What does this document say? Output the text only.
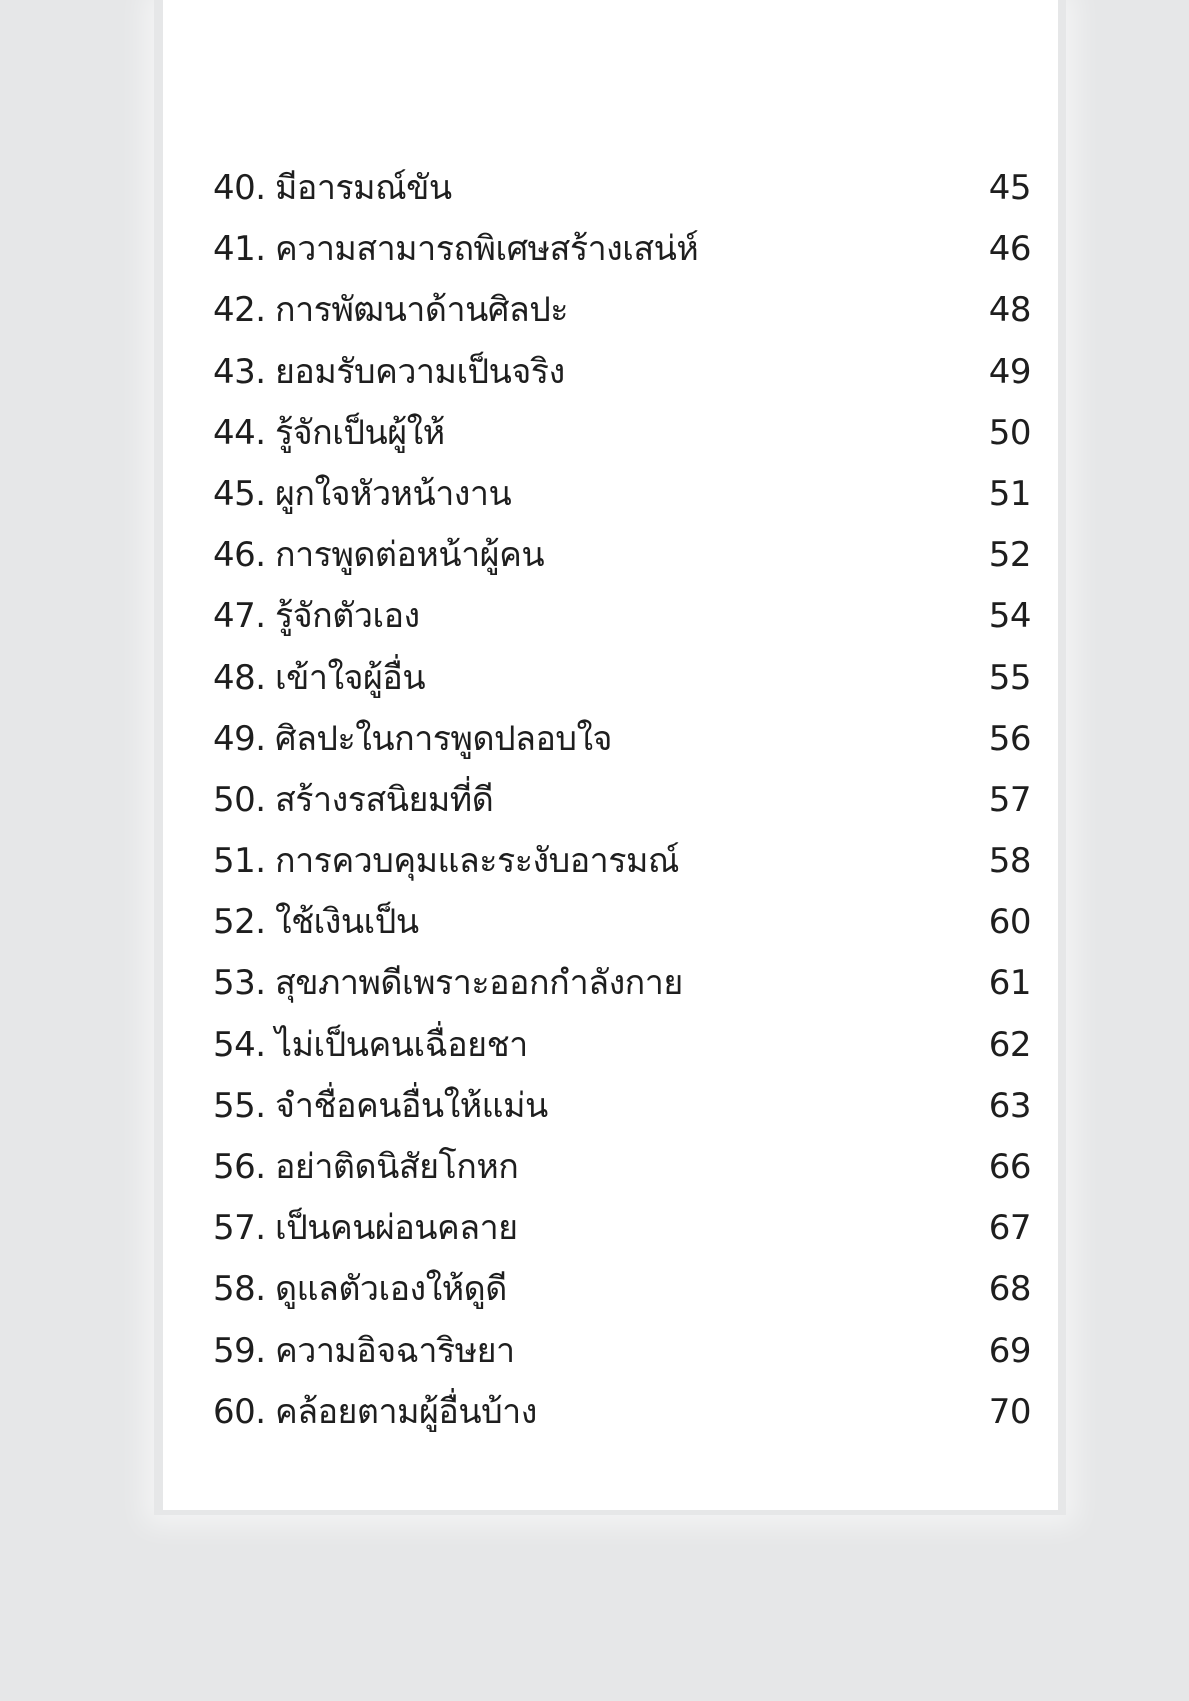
40. มีอารมณ์ขัน	45
41. ความสามารถพิเศษสร้างเสน่ห์	46
42. การพัฒนาด้านศิลปะ	48
43. ยอมรับความเป็นจริง	49
44. รู้จักเป็นผู้ให้	50
45. ผูกใจหัวหน้างาน	51
46. การพูดต่อหน้าผู้คน	52
47. รู้จักตัวเอง	54
48. เข้าใจผู้อื่น	55
49. ศิลปะในการพูดปลอบใจ	56
50. สร้างรสนิยมที่ดี	57
51. การควบคุมและระงับอารมณ์	58
52. ใช้เงินเป็น	60
53. สุขภาพดีเพราะออกกำลังกาย	61
54. ไม่เป็นคนเฉื่อยชา	62
55. จำชื่อคนอื่นให้แม่น	63
56. อย่าติดนิสัยโกหก	66
57. เป็นคนผ่อนคลาย	67
58. ดูแลตัวเองให้ดูดี	68
59. ความอิจฉาริษยา	69
60. คล้อยตามผู้อื่นบ้าง	70
